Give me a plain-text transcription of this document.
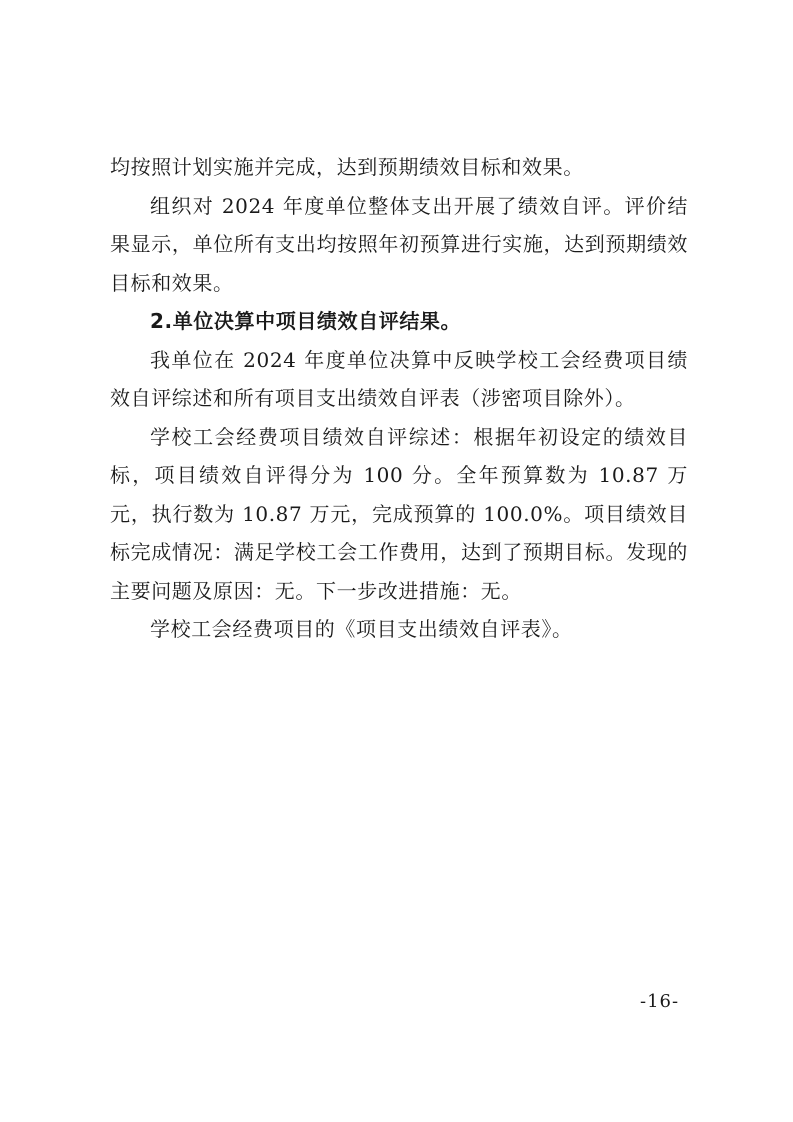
均按照计划实施并完成，达到预期绩效目标和效果。

组织对 2024 年度单位整体支出开展了绩效自评。评价结果显示，单位所有支出均按照年初预算进行实施，达到预期绩效目标和效果。

2.单位决算中项目绩效自评结果。

我单位在 2024 年度单位决算中反映学校工会经费项目绩效自评综述和所有项目支出绩效自评表（涉密项目除外）。

学校工会经费项目绩效自评综述：根据年初设定的绩效目标，项目绩效自评得分为 100 分。全年预算数为 10.87 万元，执行数为 10.87 万元，完成预算的 100.0%。项目绩效目标完成情况：满足学校工会工作费用，达到了预期目标。发现的主要问题及原因：无。下一步改进措施：无。

学校工会经费项目的《项目支出绩效自评表》。

-16-
